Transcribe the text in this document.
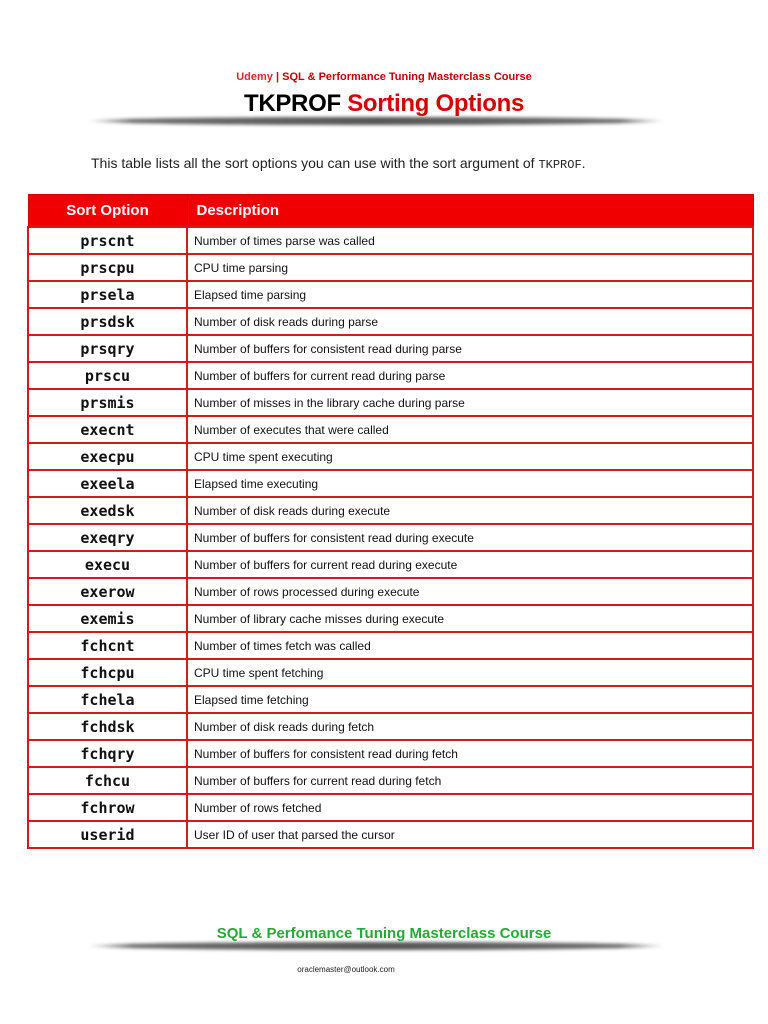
Udemy | SQL & Performance Tuning Masterclass Course
TKPROF Sorting Options
This table lists all the sort options you can use with the sort argument of TKPROF.
Sort Option	Description
prscnt	Number of times parse was called
prscpu	CPU time parsing
prsela	Elapsed time parsing
prsdsk	Number of disk reads during parse
prsqry	Number of buffers for consistent read during parse
prscu	Number of buffers for current read during parse
prsmis	Number of misses in the library cache during parse
execnt	Number of executes that were called
execpu	CPU time spent executing
exeela	Elapsed time executing
exedsk	Number of disk reads during execute
exeqry	Number of buffers for consistent read during execute
execu	Number of buffers for current read during execute
exerow	Number of rows processed during execute
exemis	Number of library cache misses during execute
fchcnt	Number of times fetch was called
fchcpu	CPU time spent fetching
fchela	Elapsed time fetching
fchdsk	Number of disk reads during fetch
fchqry	Number of buffers for consistent read during fetch
fchcu	Number of buffers for current read during fetch
fchrow	Number of rows fetched
userid	User ID of user that parsed the cursor
SQL & Perfomance Tuning Masterclass Course
oraclemaster@outlook.com
